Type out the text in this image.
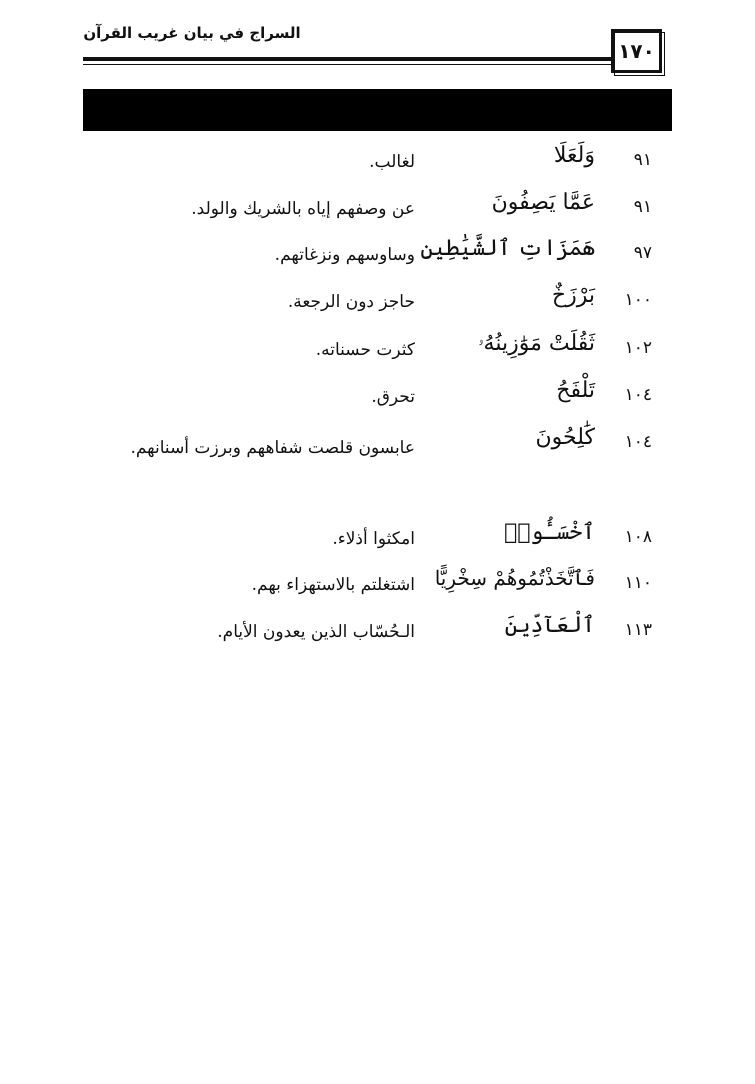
السراج في بيان غريب القرآن
١٧٠
٩١
وَلَعَلَا
لغالب.
٩١
عَمَّا يَصِفُونَ
عن وصفهم إياه بالشريك والولد.
٩٧
هَمَزَاتِ ٱلشَّيَٰطِينِ
وساوسهم ونزغاتهم.
١٠٠
بَرْزَخٌ
حاجز دون الرجعة.
١٠٢
ثَقُلَتْ مَوَٰزِينُهُۥ
كثرت حسناته.
١٠٤
تَلْفَحُ
تحرق.
١٠٤
كَٰلِحُونَ
عابسون قلصت شفاههم وبرزت أسنانهم.
١٠٨
ٱخْسَـُٔوا۟
امكثوا أذلاء.
١١٠
فَٱتَّخَذْتُمُوهُمْ سِخْرِيًّا
اشتغلتم بالاستهزاء بهم.
١١٣
ٱلْعَآدِّينَ
الـحُسّاب الذين يعدون الأيام.
